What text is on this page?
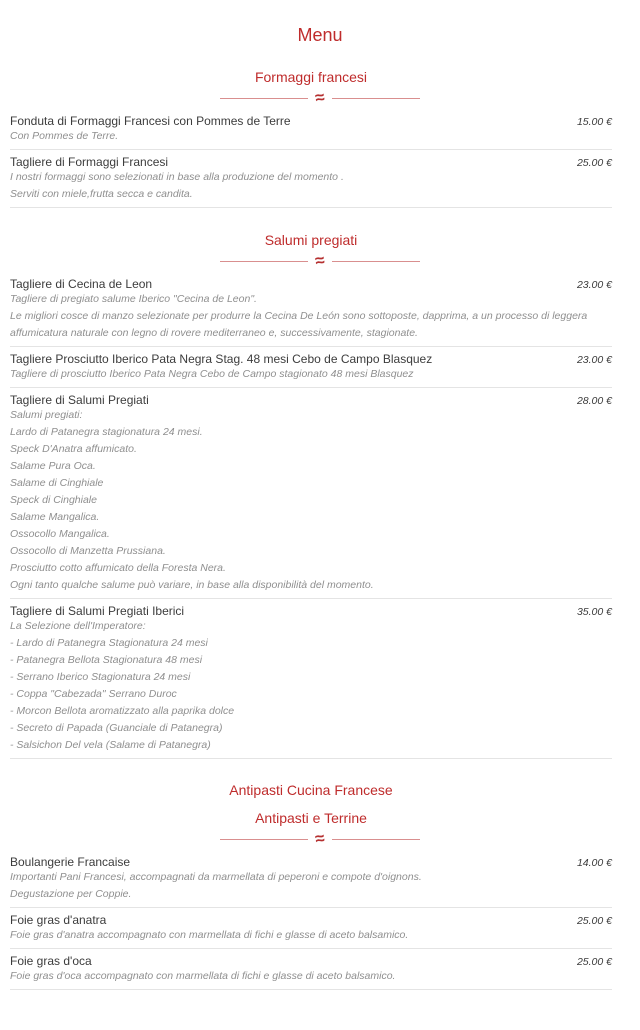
Menu
Formaggi francesi
≈
Fonduta di Formaggi Francesi con Pommes de Terre	15.00 €

Con Pommes de Terre.

Tagliere di Formaggi Francesi	25.00 €

I nostri formaggi sono selezionati in base alla produzione del momento .

Serviti con miele,frutta secca e candita.

Salumi pregiati
≈
Tagliere di Cecina de Leon	23.00 €

Tagliere di pregiato salume Iberico "Cecina de Leon".

Le migliori cosce di manzo selezionate per produrre la Cecina De León sono sottoposte, dapprima, a un processo di leggera affumicatura naturale con legno di rovere mediterraneo e, successivamente, stagionate.

Tagliere Prosciutto Iberico Pata Negra Stag. 48 mesi Cebo de Campo Blasquez	23.00 €

Tagliere di prosciutto Iberico Pata Negra Cebo de Campo stagionato 48 mesi Blasquez

Tagliere di Salumi Pregiati	28.00 €

Salumi pregiati:

Lardo di Patanegra stagionatura 24 mesi.

Speck D'Anatra affumicato.

Salame Pura Oca.

Salame di Cinghiale

Speck di Cinghiale

Salame Mangalica.

Ossocollo Mangalica.

Ossocollo di Manzetta Prussiana.

Prosciutto cotto affumicato della Foresta Nera.

Ogni tanto qualche salume può variare, in base alla disponibilità del momento.

Tagliere di Salumi Pregiati Iberici	35.00 €

La Selezione dell'Imperatore:

- Lardo di Patanegra Stagionatura 24 mesi

- Patanegra Bellota Stagionatura 48 mesi

- Serrano Iberico Stagionatura 24 mesi

- Coppa "Cabezada" Serrano Duroc

- Morcon Bellota aromatizzato alla paprika dolce

- Secreto di Papada (Guanciale di Patanegra)

- Salsichon Del vela (Salame di Patanegra)

Antipasti Cucina Francese
Antipasti e Terrine
≈
Boulangerie Francaise	14.00 €

Importanti Pani Francesi, accompagnati da marmellata di peperoni e compote d'oignons.

Degustazione per Coppie.

Foie gras d'anatra	25.00 €

Foie gras d'anatra accompagnato con marmellata di fichi e glasse di aceto balsamico.

Foie gras d'oca	25.00 €

Foie gras d'oca accompagnato con marmellata di fichi e glasse di aceto balsamico.
